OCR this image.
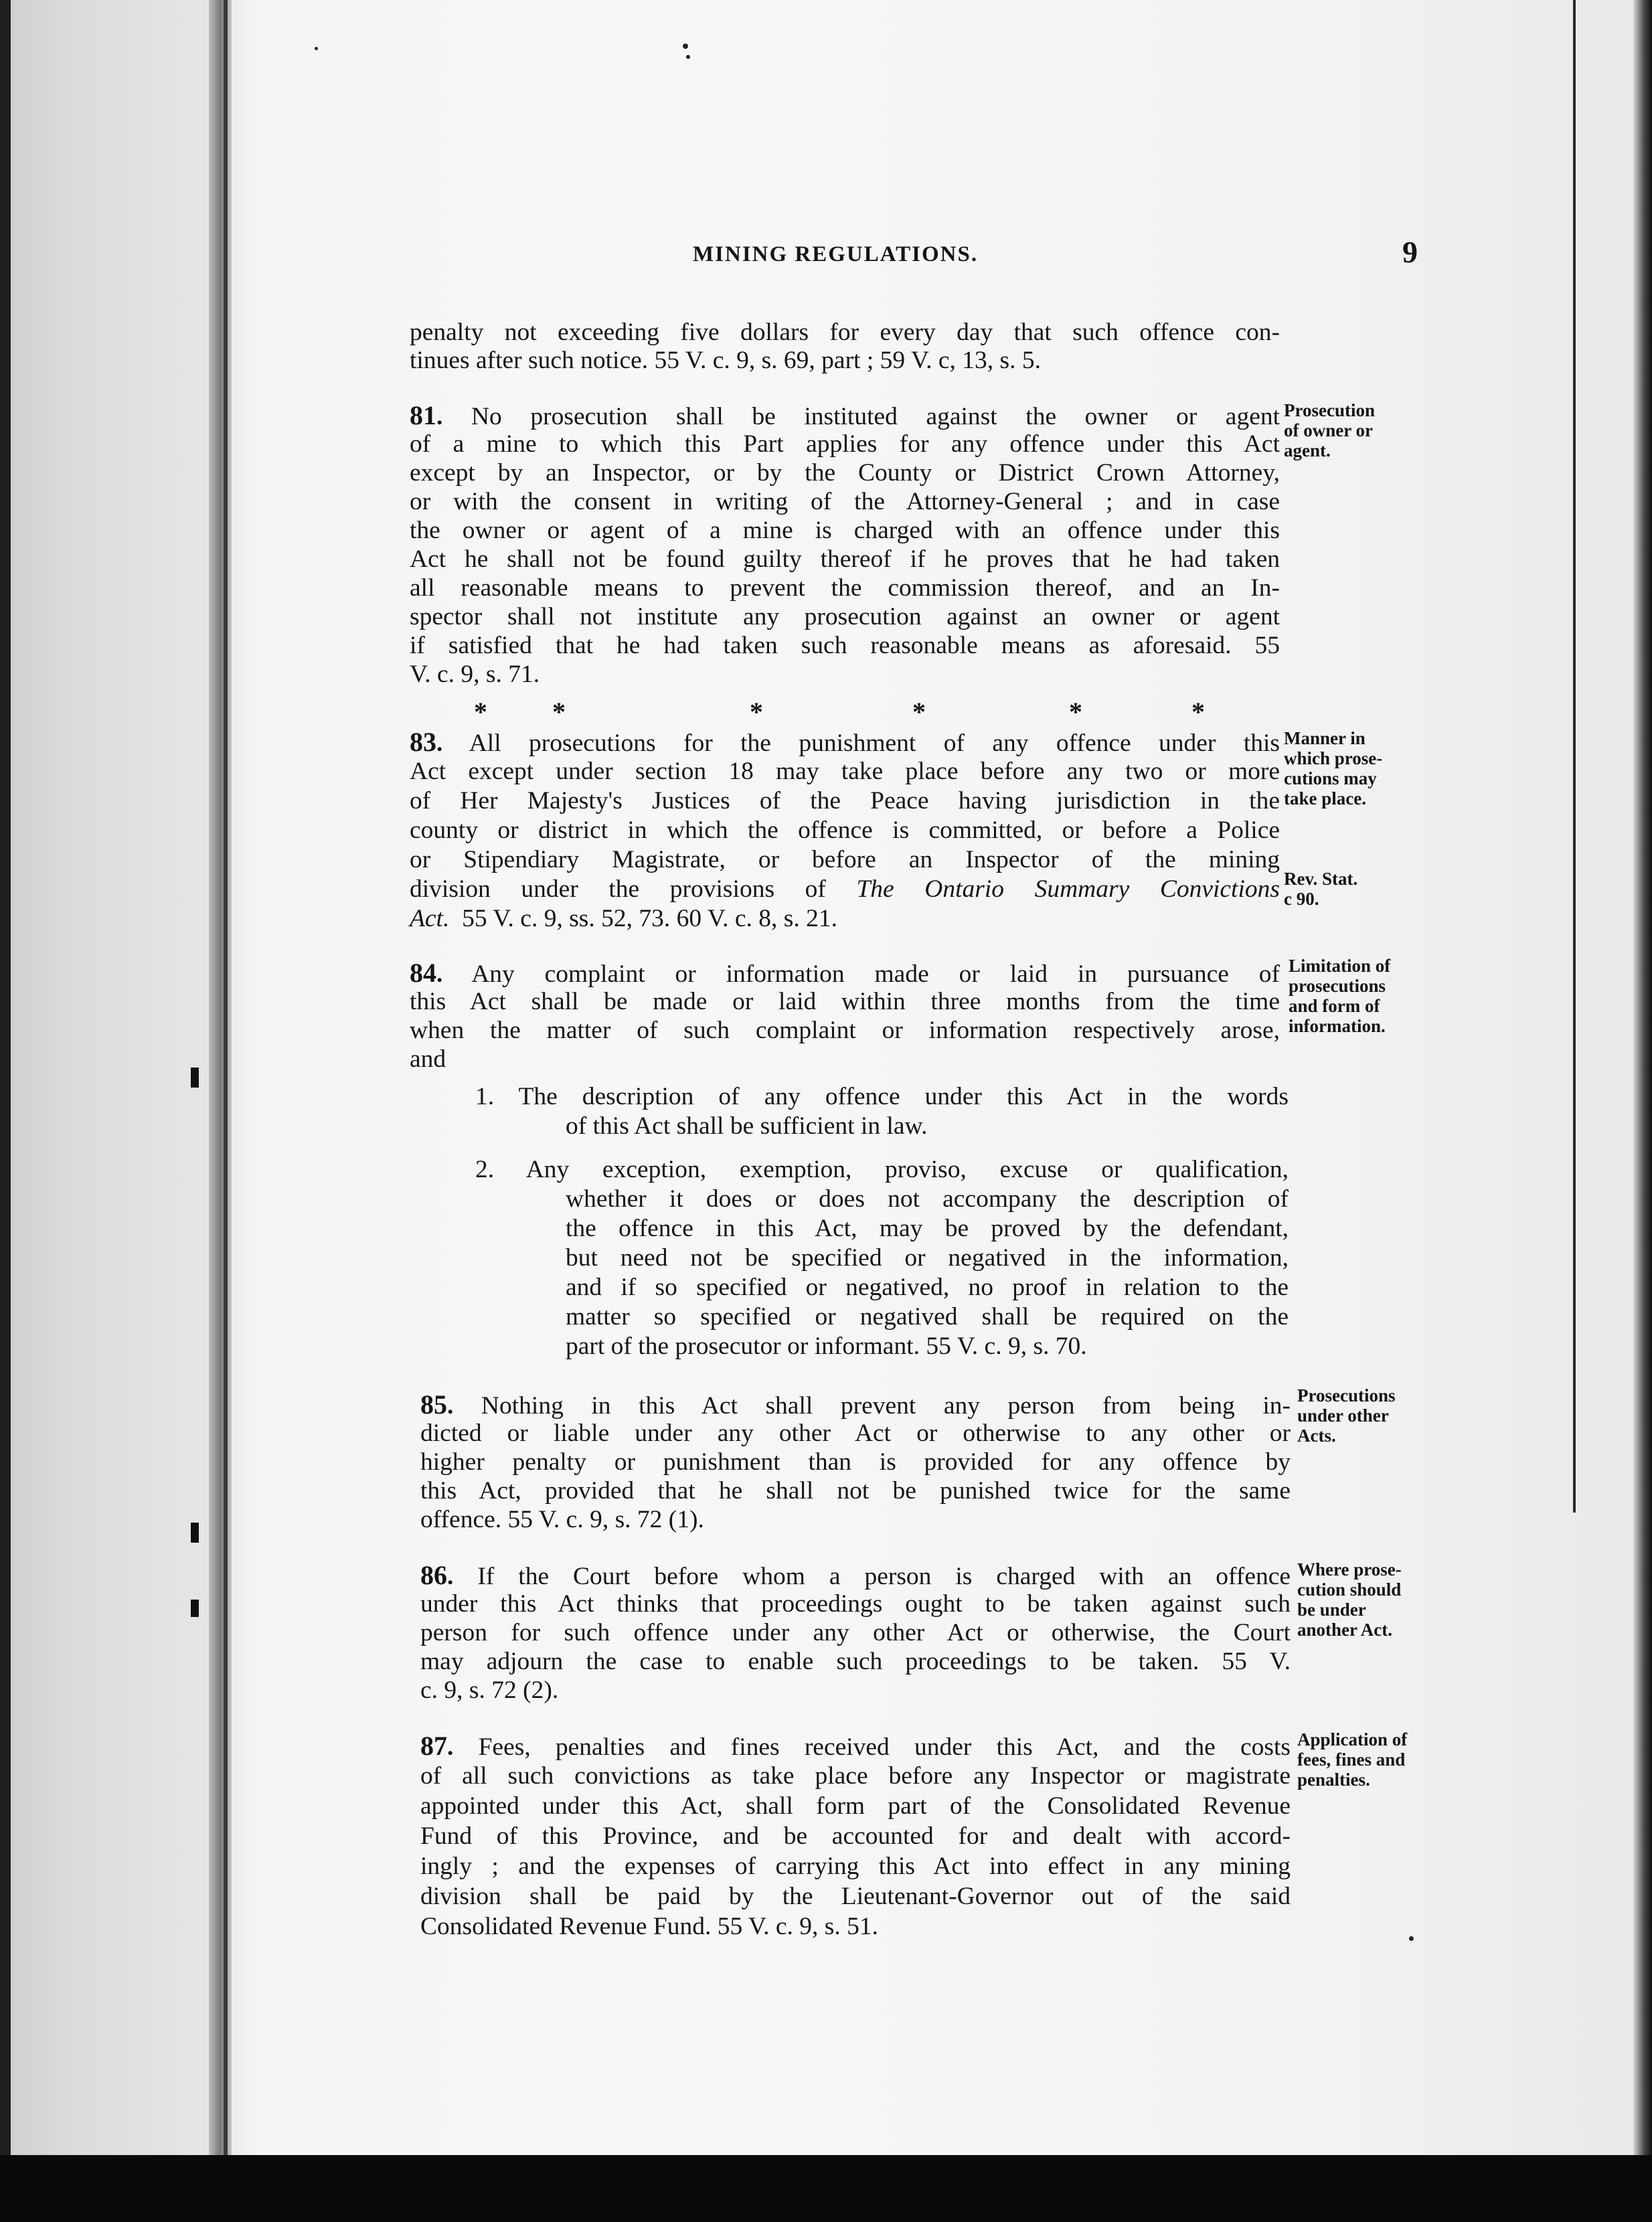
MINING REGULATIONS.	9
penalty not exceeding five dollars for every day that such offence con-
tinues after such notice. 55 V. c. 9, s. 69, part ; 59 V. c, 13, s. 5.
81. No prosecution shall be instituted against the owner or agent
of a mine to which this Part applies for any offence under this Act
except by an Inspector, or by the County or District Crown Attorney,
or with the consent in writing of the Attorney-General ; and in case
the owner or agent of a mine is charged with an offence under this
Act he shall not be found guilty thereof if he proves that he had taken
all reasonable means to prevent the commission thereof, and an In-
spector shall not institute any prosecution against an owner or agent
if satisfied that he had taken such reasonable means as aforesaid. 55
V. c. 9, s. 71.
Prosecution
of owner or
agent.
* *	*	*	*	*
83. All prosecutions for the punishment of any offence under this
Act except under section 18 may take place before any two or more
of Her Majesty's Justices of the Peace having jurisdiction in the
county or district in which the offence is committed, or before a Police
or Stipendiary Magistrate, or before an Inspector of the mining
division under the provisions of The Ontario Summary Convictions
Act. 55 V. c. 9, ss. 52, 73. 60 V. c. 8, s. 21.
Manner in
which prose-
cutions may
take place.
Rev. Stat.
c 90.
84. Any complaint or information made or laid in pursuance of
this Act shall be made or laid within three months from the time
when the matter of such complaint or information respectively arose,
and
Limitation of
prosecutions
and form of
information.
1. The description of any offence under this Act in the words
of this Act shall be sufficient in law.
2. Any exception, exemption, proviso, excuse or qualification,
whether it does or does not accompany the description of
the offence in this Act, may be proved by the defendant,
but need not be specified or negatived in the information,
and if so specified or negatived, no proof in relation to the
matter so specified or negatived shall be required on the
part of the prosecutor or informant. 55 V. c. 9, s. 70.
85. Nothing in this Act shall prevent any person from being in-
dicted or liable under any other Act or otherwise to any other or
higher penalty or punishment than is provided for any offence by
this Act, provided that he shall not be punished twice for the same
offence. 55 V. c. 9, s. 72 (1).
Prosecutions
under other
Acts.
86. If the Court before whom a person is charged with an offence
under this Act thinks that proceedings ought to be taken against such
person for such offence under any other Act or otherwise, the Court
may adjourn the case to enable such proceedings to be taken. 55 V.
c. 9, s. 72 (2).
Where prose-
cution should
be under
another Act.
87. Fees, penalties and fines received under this Act, and the costs
of all such convictions as take place before any Inspector or magistrate
appointed under this Act, shall form part of the Consolidated Revenue
Fund of this Province, and be accounted for and dealt with accord-
ingly ; and the expenses of carrying this Act into effect in any mining
division shall be paid by the Lieutenant-Governor out of the said
Consolidated Revenue Fund. 55 V. c. 9, s. 51.
Application of
fees, fines and
penalties.
